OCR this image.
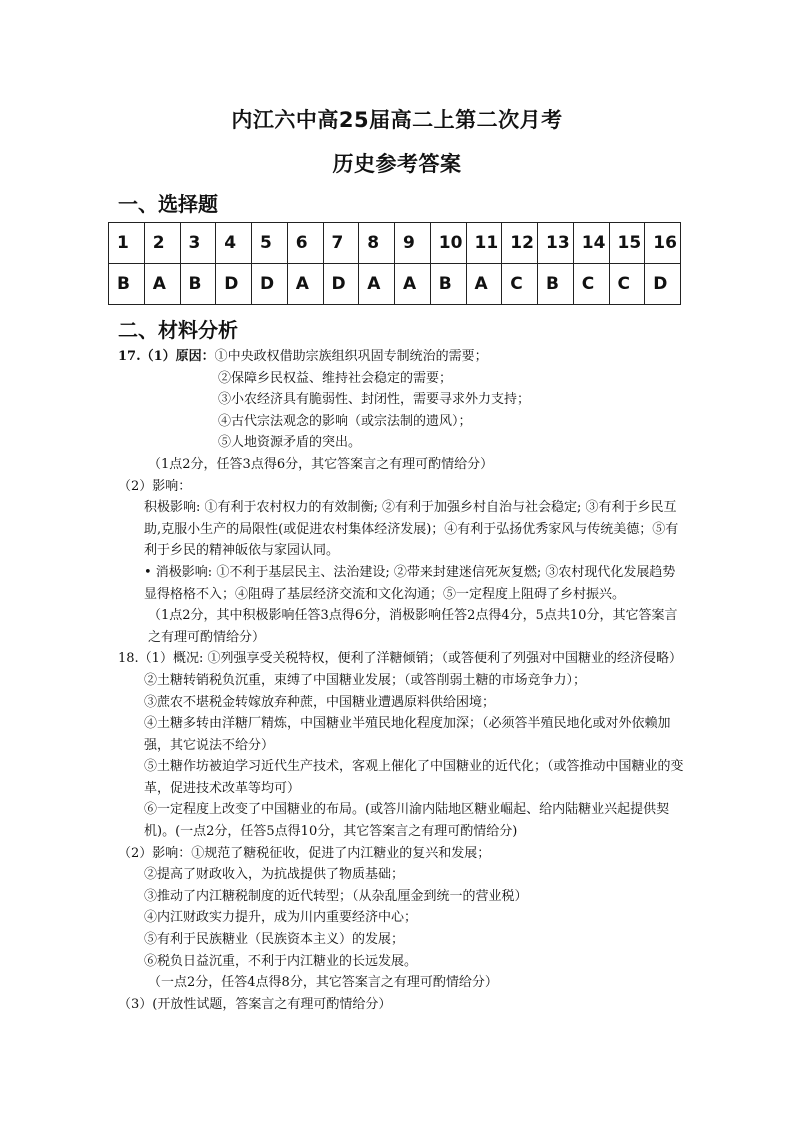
内江六中高25届高二上第二次月考
历史参考答案
一、选择题
1	2	3	4	5	6	7	8	9	10	11	12	13	14	15	16
B	A	B	D	D	A	D	A	A	B	A	C	B	C	C	D
二、材料分析
17.（1）原因：①中央政权借助宗族组织巩固专制统治的需要；
②保障乡民权益、维持社会稳定的需要；
③小农经济具有脆弱性、封闭性，需要寻求外力支持；
④古代宗法观念的影响（或宗法制的遗风）；
⑤人地资源矛盾的突出。
（1点2分，任答3点得6分，其它答案言之有理可酌情给分）
（2）影响：
积极影响: ①有利于农村权力的有效制衡; ②有利于加强乡村自治与社会稳定; ③有利于乡民互助,克服小生产的局限性(或促进农村集体经济发展)；④有利于弘扬优秀家风与传统美德；⑤有利于乡民的精神皈依与家园认同。
• 消极影响: ①不利于基层民主、法治建设; ②带来封建迷信死灰复燃; ③农村现代化发展趋势显得格格不入；④阻碍了基层经济交流和文化沟通；⑤一定程度上阻碍了乡村振兴。
（1点2分，其中积极影响任答3点得6分，消极影响任答2点得4分，5点共10分，其它答案言之有理可酌情给分）
18.（1）概况: ①列强享受关税特权，便利了洋糖倾销；（或答便利了列强对中国糖业的经济侵略）
②土糖转销税负沉重，束缚了中国糖业发展；（或答削弱土糖的市场竞争力）；
③蔗农不堪税金转嫁放弃种蔗，中国糖业遭遇原料供给困境；
④土糖多转由洋糖厂精炼，中国糖业半殖民地化程度加深；（必须答半殖民地化或对外依赖加强，其它说法不给分）
⑤土糖作坊被迫学习近代生产技术，客观上催化了中国糖业的近代化；（或答推动中国糖业的变革，促进技术改革等均可）
⑥一定程度上改变了中国糖业的布局。(或答川渝内陆地区糖业崛起、给内陆糖业兴起提供契机)。(一点2分，任答5点得10分，其它答案言之有理可酌情给分)
（2）影响：①规范了糖税征收，促进了内江糖业的复兴和发展；
②提高了财政收入，为抗战提供了物质基础；
③推动了内江糖税制度的近代转型；（从杂乱厘金到统一的营业税）
④内江财政实力提升，成为川内重要经济中心；
⑤有利于民族糖业（民族资本主义）的发展；
⑥税负日益沉重，不利于内江糖业的长远发展。
（一点2分，任答4点得8分，其它答案言之有理可酌情给分）
（3）(开放性试题，答案言之有理可酌情给分）
